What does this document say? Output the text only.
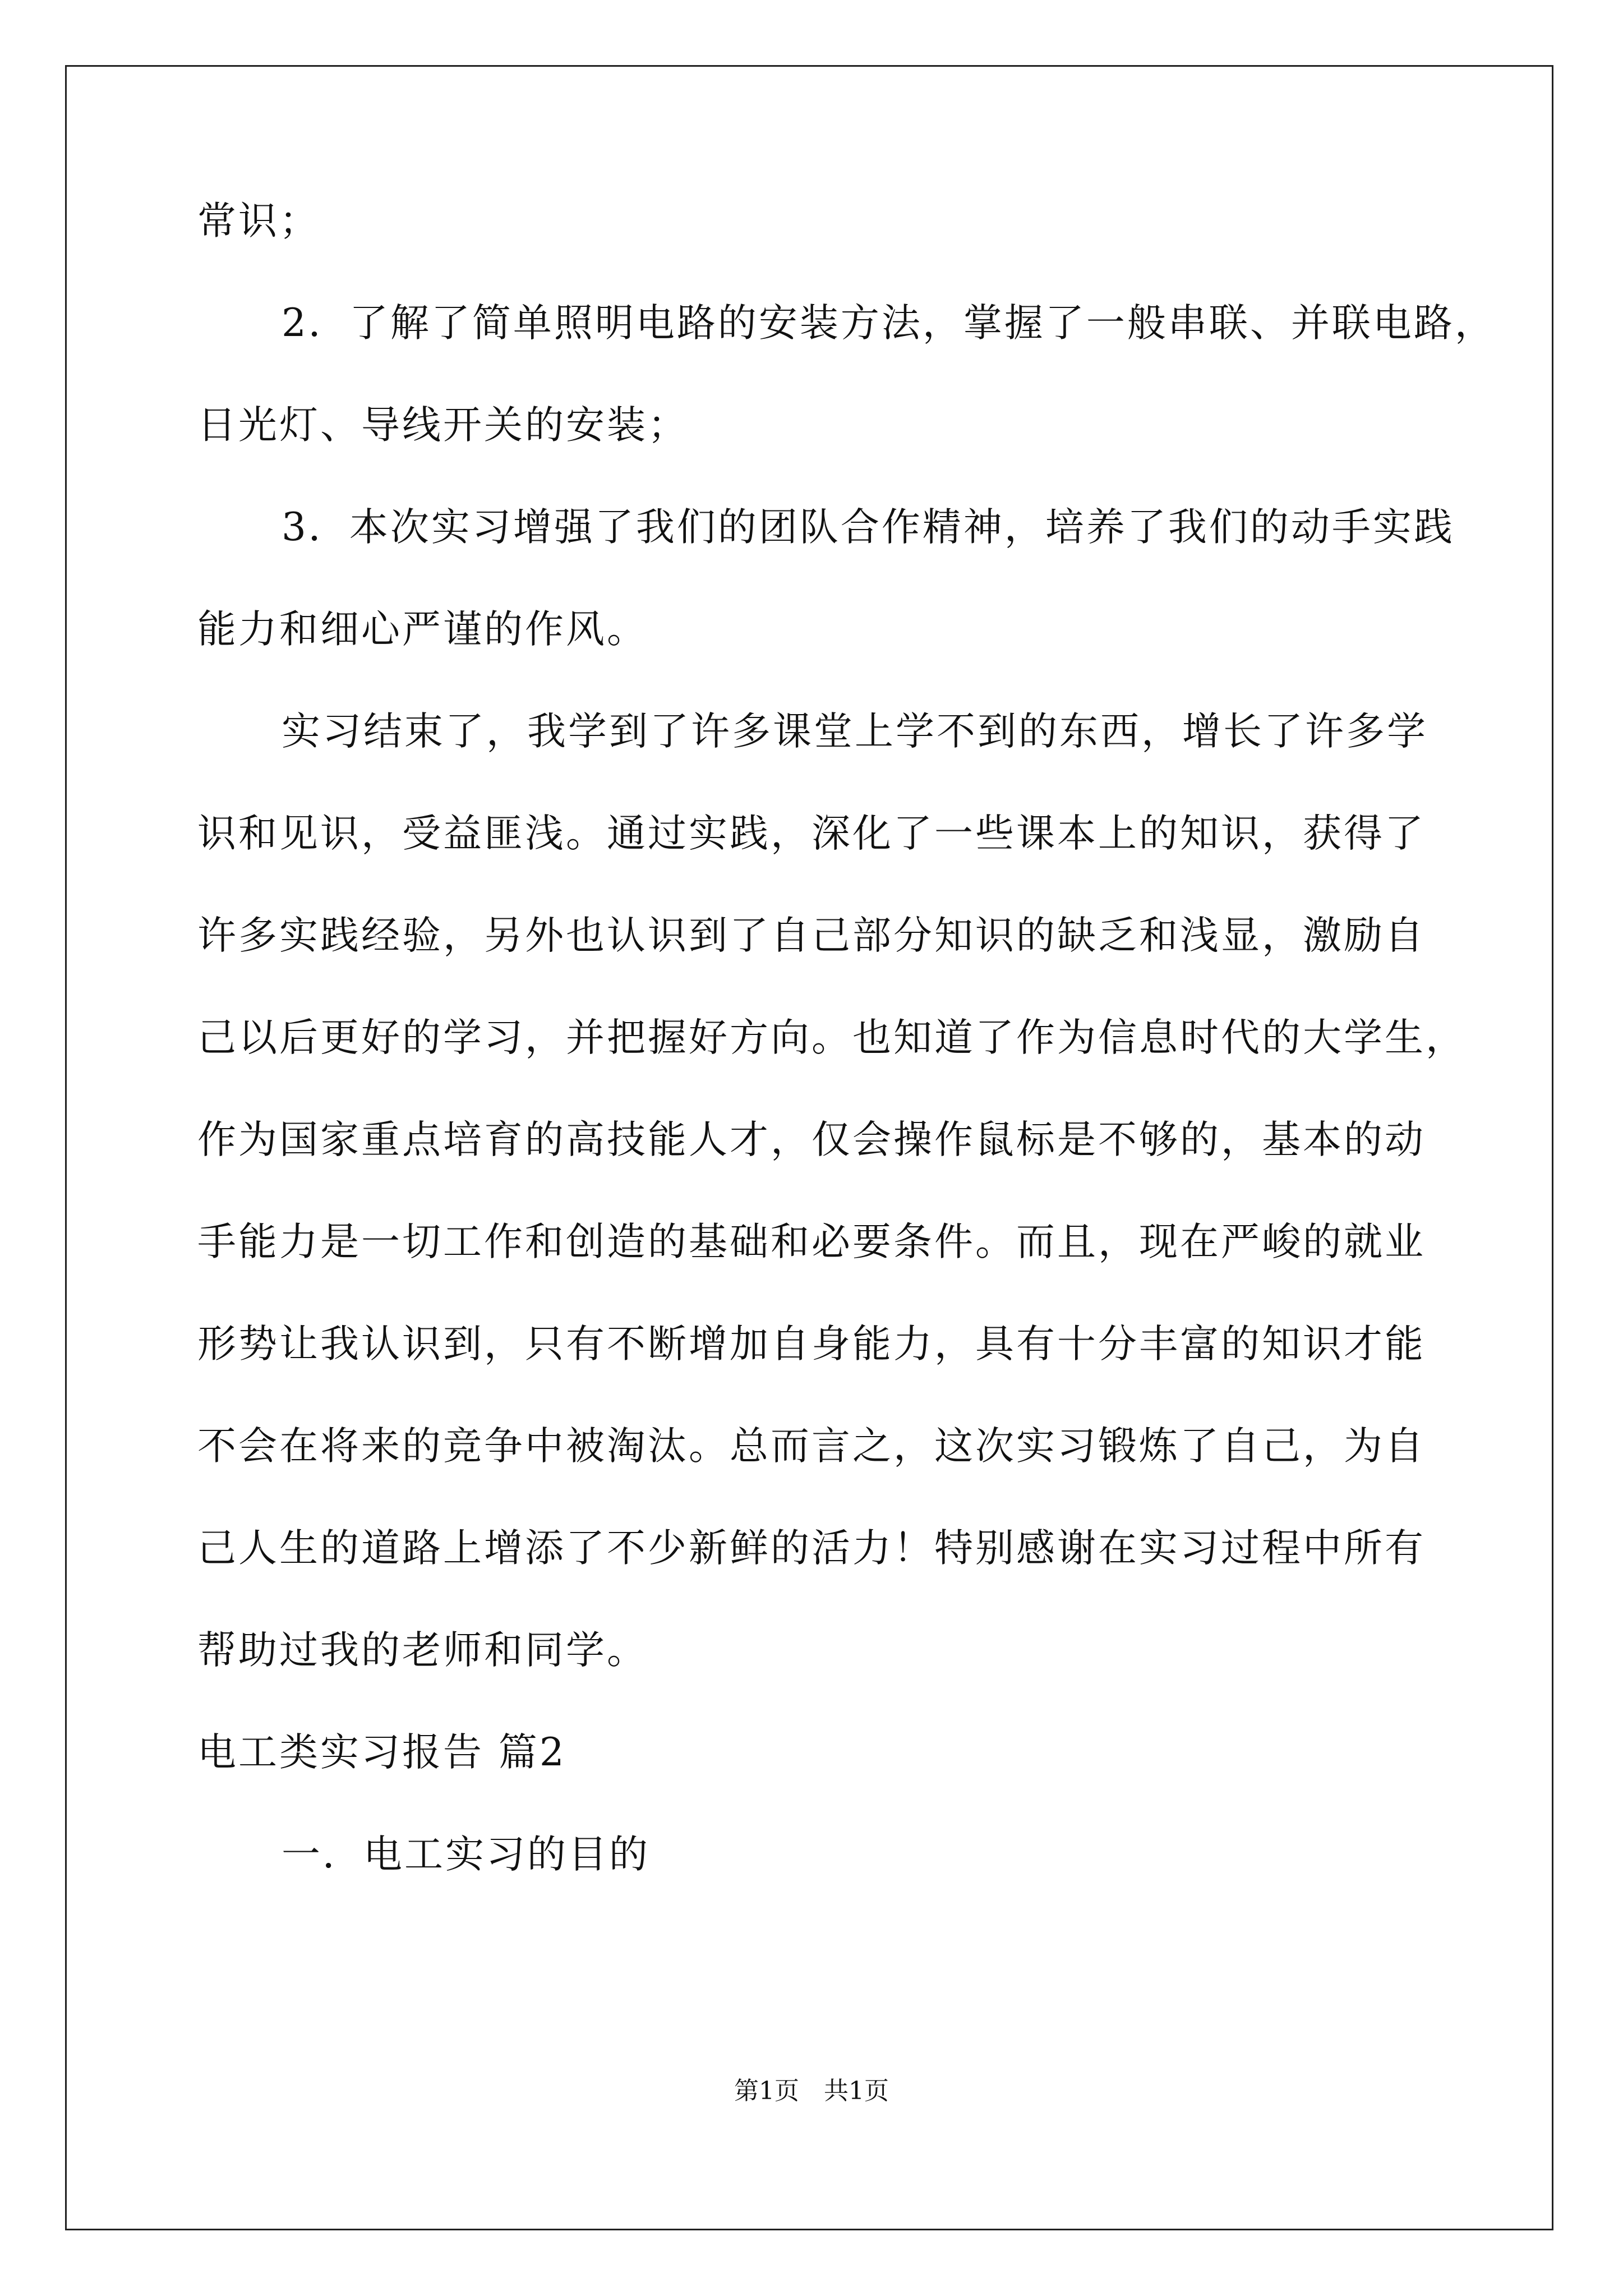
常识；
2．了解了简单照明电路的安装方法，掌握了一般串联、并联电路，
日光灯、导线开关的安装；
3．本次实习增强了我们的团队合作精神，培养了我们的动手实践
能力和细心严谨的作风。
实习结束了，我学到了许多课堂上学不到的东西，增长了许多学
识和见识，受益匪浅。通过实践，深化了一些课本上的知识，获得了
许多实践经验，另外也认识到了自己部分知识的缺乏和浅显，激励自
己以后更好的学习，并把握好方向。也知道了作为信息时代的大学生，
作为国家重点培育的高技能人才，仅会操作鼠标是不够的，基本的动
手能力是一切工作和创造的基础和必要条件。而且，现在严峻的就业
形势让我认识到，只有不断增加自身能力，具有十分丰富的知识才能
不会在将来的竞争中被淘汰。总而言之，这次实习锻炼了自己，为自
己人生的道路上增添了不少新鲜的活力！特别感谢在实习过程中所有
帮助过我的老师和同学。
电工类实习报告 篇2
一．电工实习的目的
第1页　共1页
